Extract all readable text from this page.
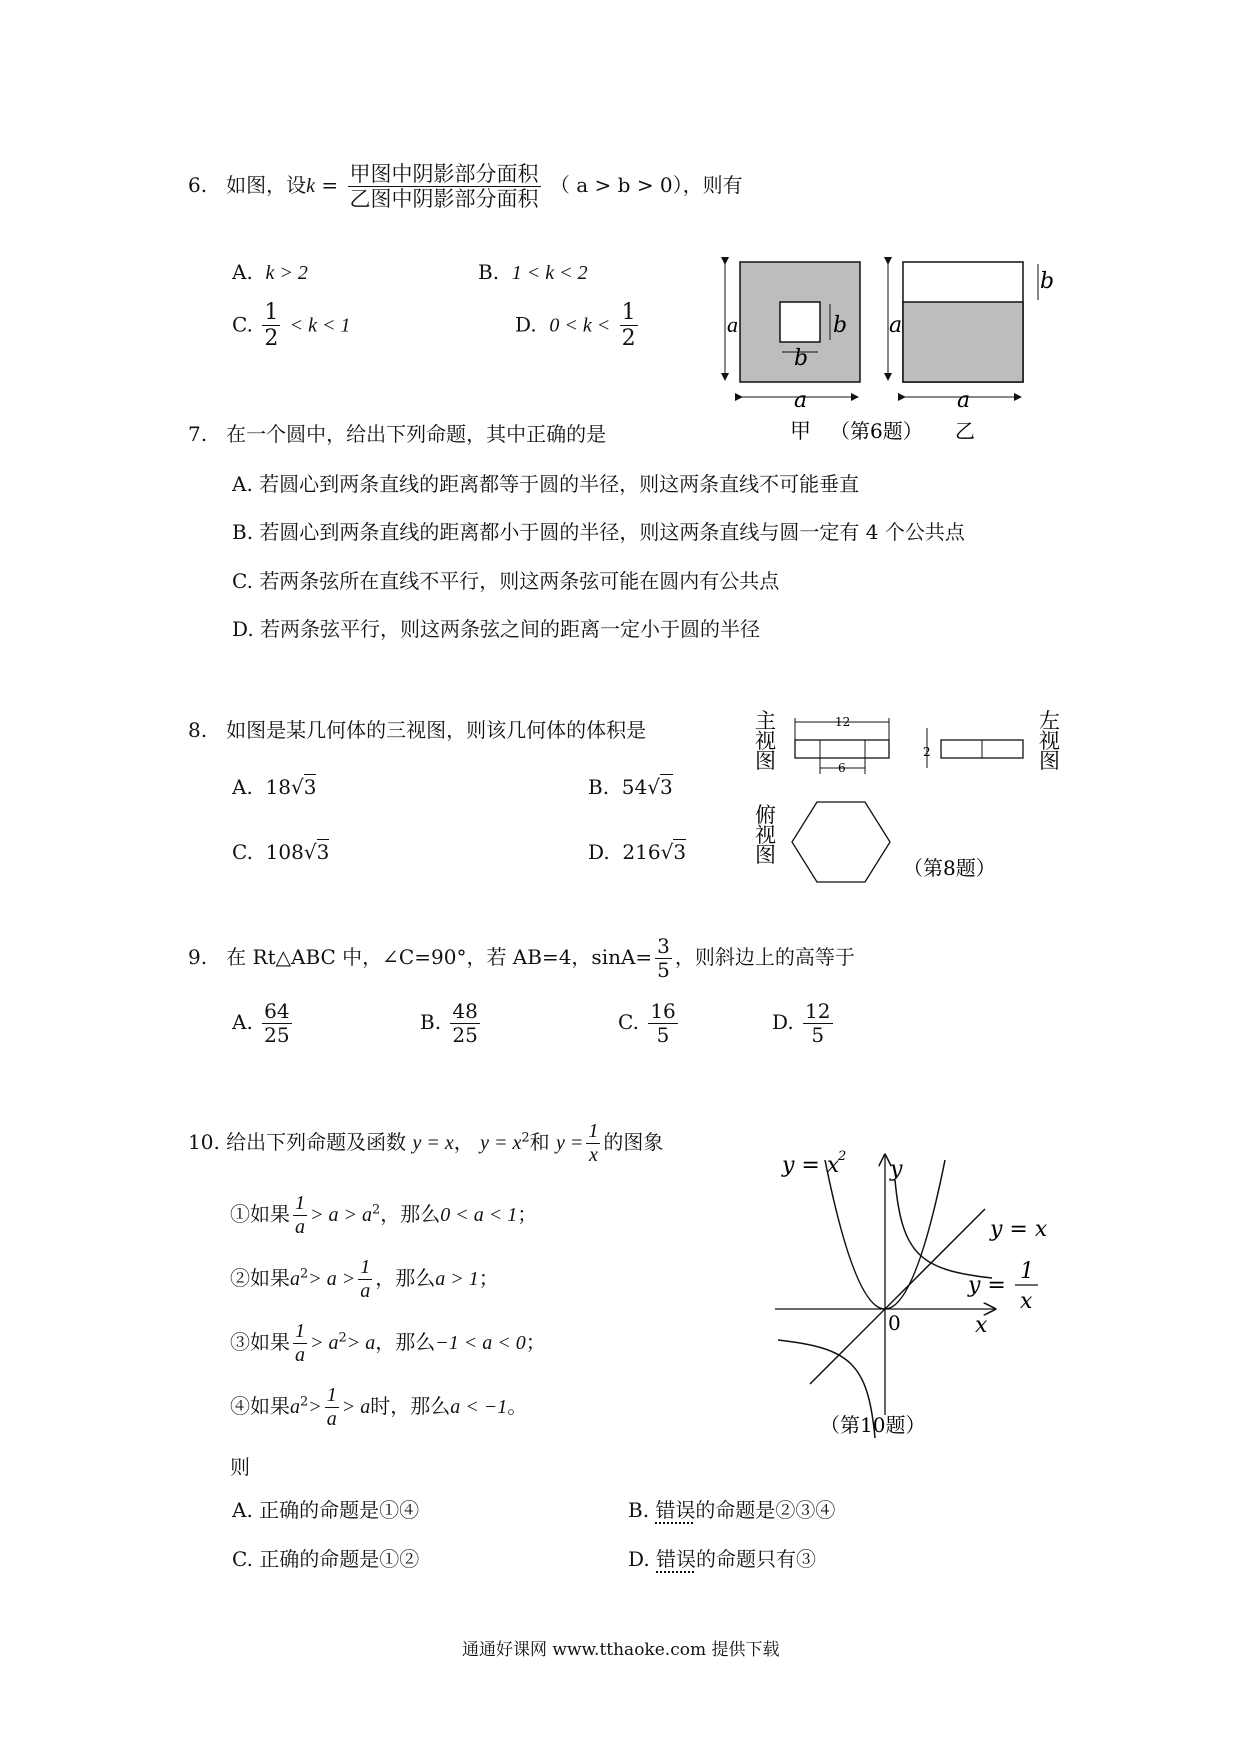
6. 如图，设$k = \frac{\text{甲图中阴影部分面积}}{\text{乙图中阴影部分面积}}$ （ a > b > 0），则有
A. k > 2	B. 1 < k < 2
C. $\frac{1}{2} < k < 1$	D. $0 < k < \frac{1}{2}$	a
a
b
b
a
a
b
甲 （第6题） 乙
7. 在一个圆中，给出下列命题，其中正确的是
A. 若圆心到两条直线的距离都等于圆的半径，则这两条直线不可能垂直
B. 若圆心到两条直线的距离都小于圆的半径，则这两条直线与圆一定有 4 个公共点
C. 若两条弦所在直线不平行，则这两条弦可能在圆内有公共点
D. 若两条弦平行，则这两条弦之间的距离一定小于圆的半径
8. 如图是某几何体的三视图，则该几何体的体积是
A. 18√3	B. 54√3
C. 108√3	D. 216√3
主
视
图
12
6
2
左
视
图
俯
视
图
（第8题）
9. 在 Rt△ABC 中，∠C=90°，若 AB=4，$\sin A= \frac{3}{5}$ ，则斜边上的高等于
A. $\frac{64}{25}$	B. $\frac{48}{25}$	C. $\frac{16}{5}$	D. $\frac{12}{5}$
10. 给出下列命题及函数 y = x， $y = x^2$和 $y = \frac{1}{x}$ 的图象
①如果 $\frac{1}{a} > a > a^2$，那么0 < a < 1；
②如果$a^2> a > \frac{1}{a}$ ，那么a > 1；
③如果 $\frac{1}{a} > a^2> a$，那么−1 < a < 0；
④如果$a^2> \frac{1}{a} > a$时，那么a < −1。
则
A. 正确的命题是①④	B. 错误的命题是②③④
C. 正确的命题是①②	D. 错误的命题只有③
y = x
2
y
y = x
y =
1
x
0	x
（第10题）
通通好课网 www.tthaoke.com 提供下载
